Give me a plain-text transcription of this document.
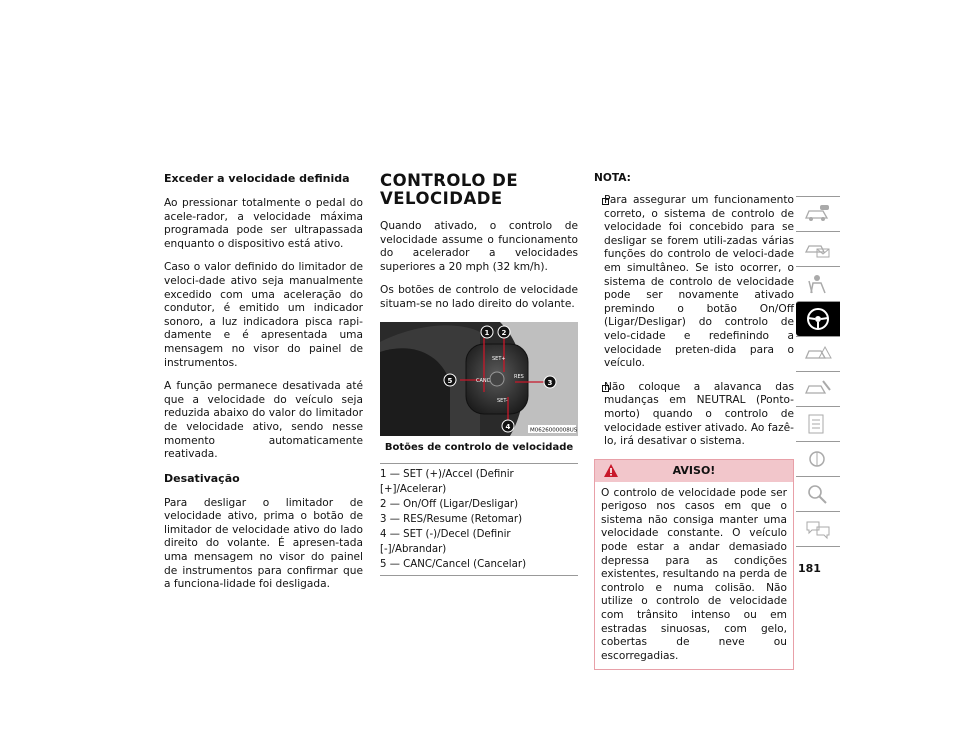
Exceder a velocidade definida

Ao pressionar totalmente o pedal do acele-rador, a velocidade máxima programada pode ser ultrapassada enquanto o dispositivo está ativo.

Caso o valor definido do limitador de veloci-dade ativo seja manualmente excedido com uma aceleração do condutor, é emitido um indicador sonoro, a luz indicadora pisca rapi-damente e é apresentada uma mensagem no visor do painel de instrumentos.

A função permanece desativada até que a velocidade do veículo seja reduzida abaixo do valor do limitador de velocidade ativo, sendo nesse momento automaticamente reativada.

Desativação

Para desligar o limitador de velocidade ativo, prima o botão de limitador de velocidade ativo do lado direito do volante. É apresen-tada uma mensagem no visor do painel de instrumentos para confirmar que a funciona-lidade foi desligada.

CONTROLO DE VELOCIDADE

Quando ativado, o controlo de velocidade assume o funcionamento do acelerador a velocidades superiores a 20 mph (32 km/h).

Os botões de controlo de velocidade situam-se no lado direito do volante.

SET+
CANC
RES
SET-
1 2
3
4
5
M0626000008US
Botões de controlo de velocidade
1 — SET (+)/Accel (Definir [+]/Acelerar)
2 — On/Off (Ligar/Desligar)
3 — RES/Resume (Retomar)
4 — SET (-)/Decel (Definir [-]/Abrandar)
5 — CANC/Cancel (Cancelar)
NOTA:
Para assegurar um funcionamento correto, o sistema de controlo de velocidade foi concebido para se desligar se forem utili-zadas várias funções do controlo de veloci-dade em simultâneo. Se isto ocorrer, o sistema de controlo de velocidade pode ser novamente ativado premindo o botão On/Off (Ligar/Desligar) do controlo de velo-cidade e redefinindo a velocidade preten-dida para o veículo.
Não coloque a alavanca das mudanças em NEUTRAL (Ponto-morto) quando o controlo de velocidade estiver ativado. Ao fazê-lo, irá desativar o sistema.
AVISO!
O controlo de velocidade pode ser perigoso nos casos em que o sistema não consiga manter uma velocidade constante. O veículo pode estar a andar demasiado depressa para as condições existentes, resultando na perda de controlo e numa colisão. Não utilize o controlo de velocidade com trânsito intenso ou em estradas sinuosas, com gelo, cobertas de neve ou escorregadias.
181
